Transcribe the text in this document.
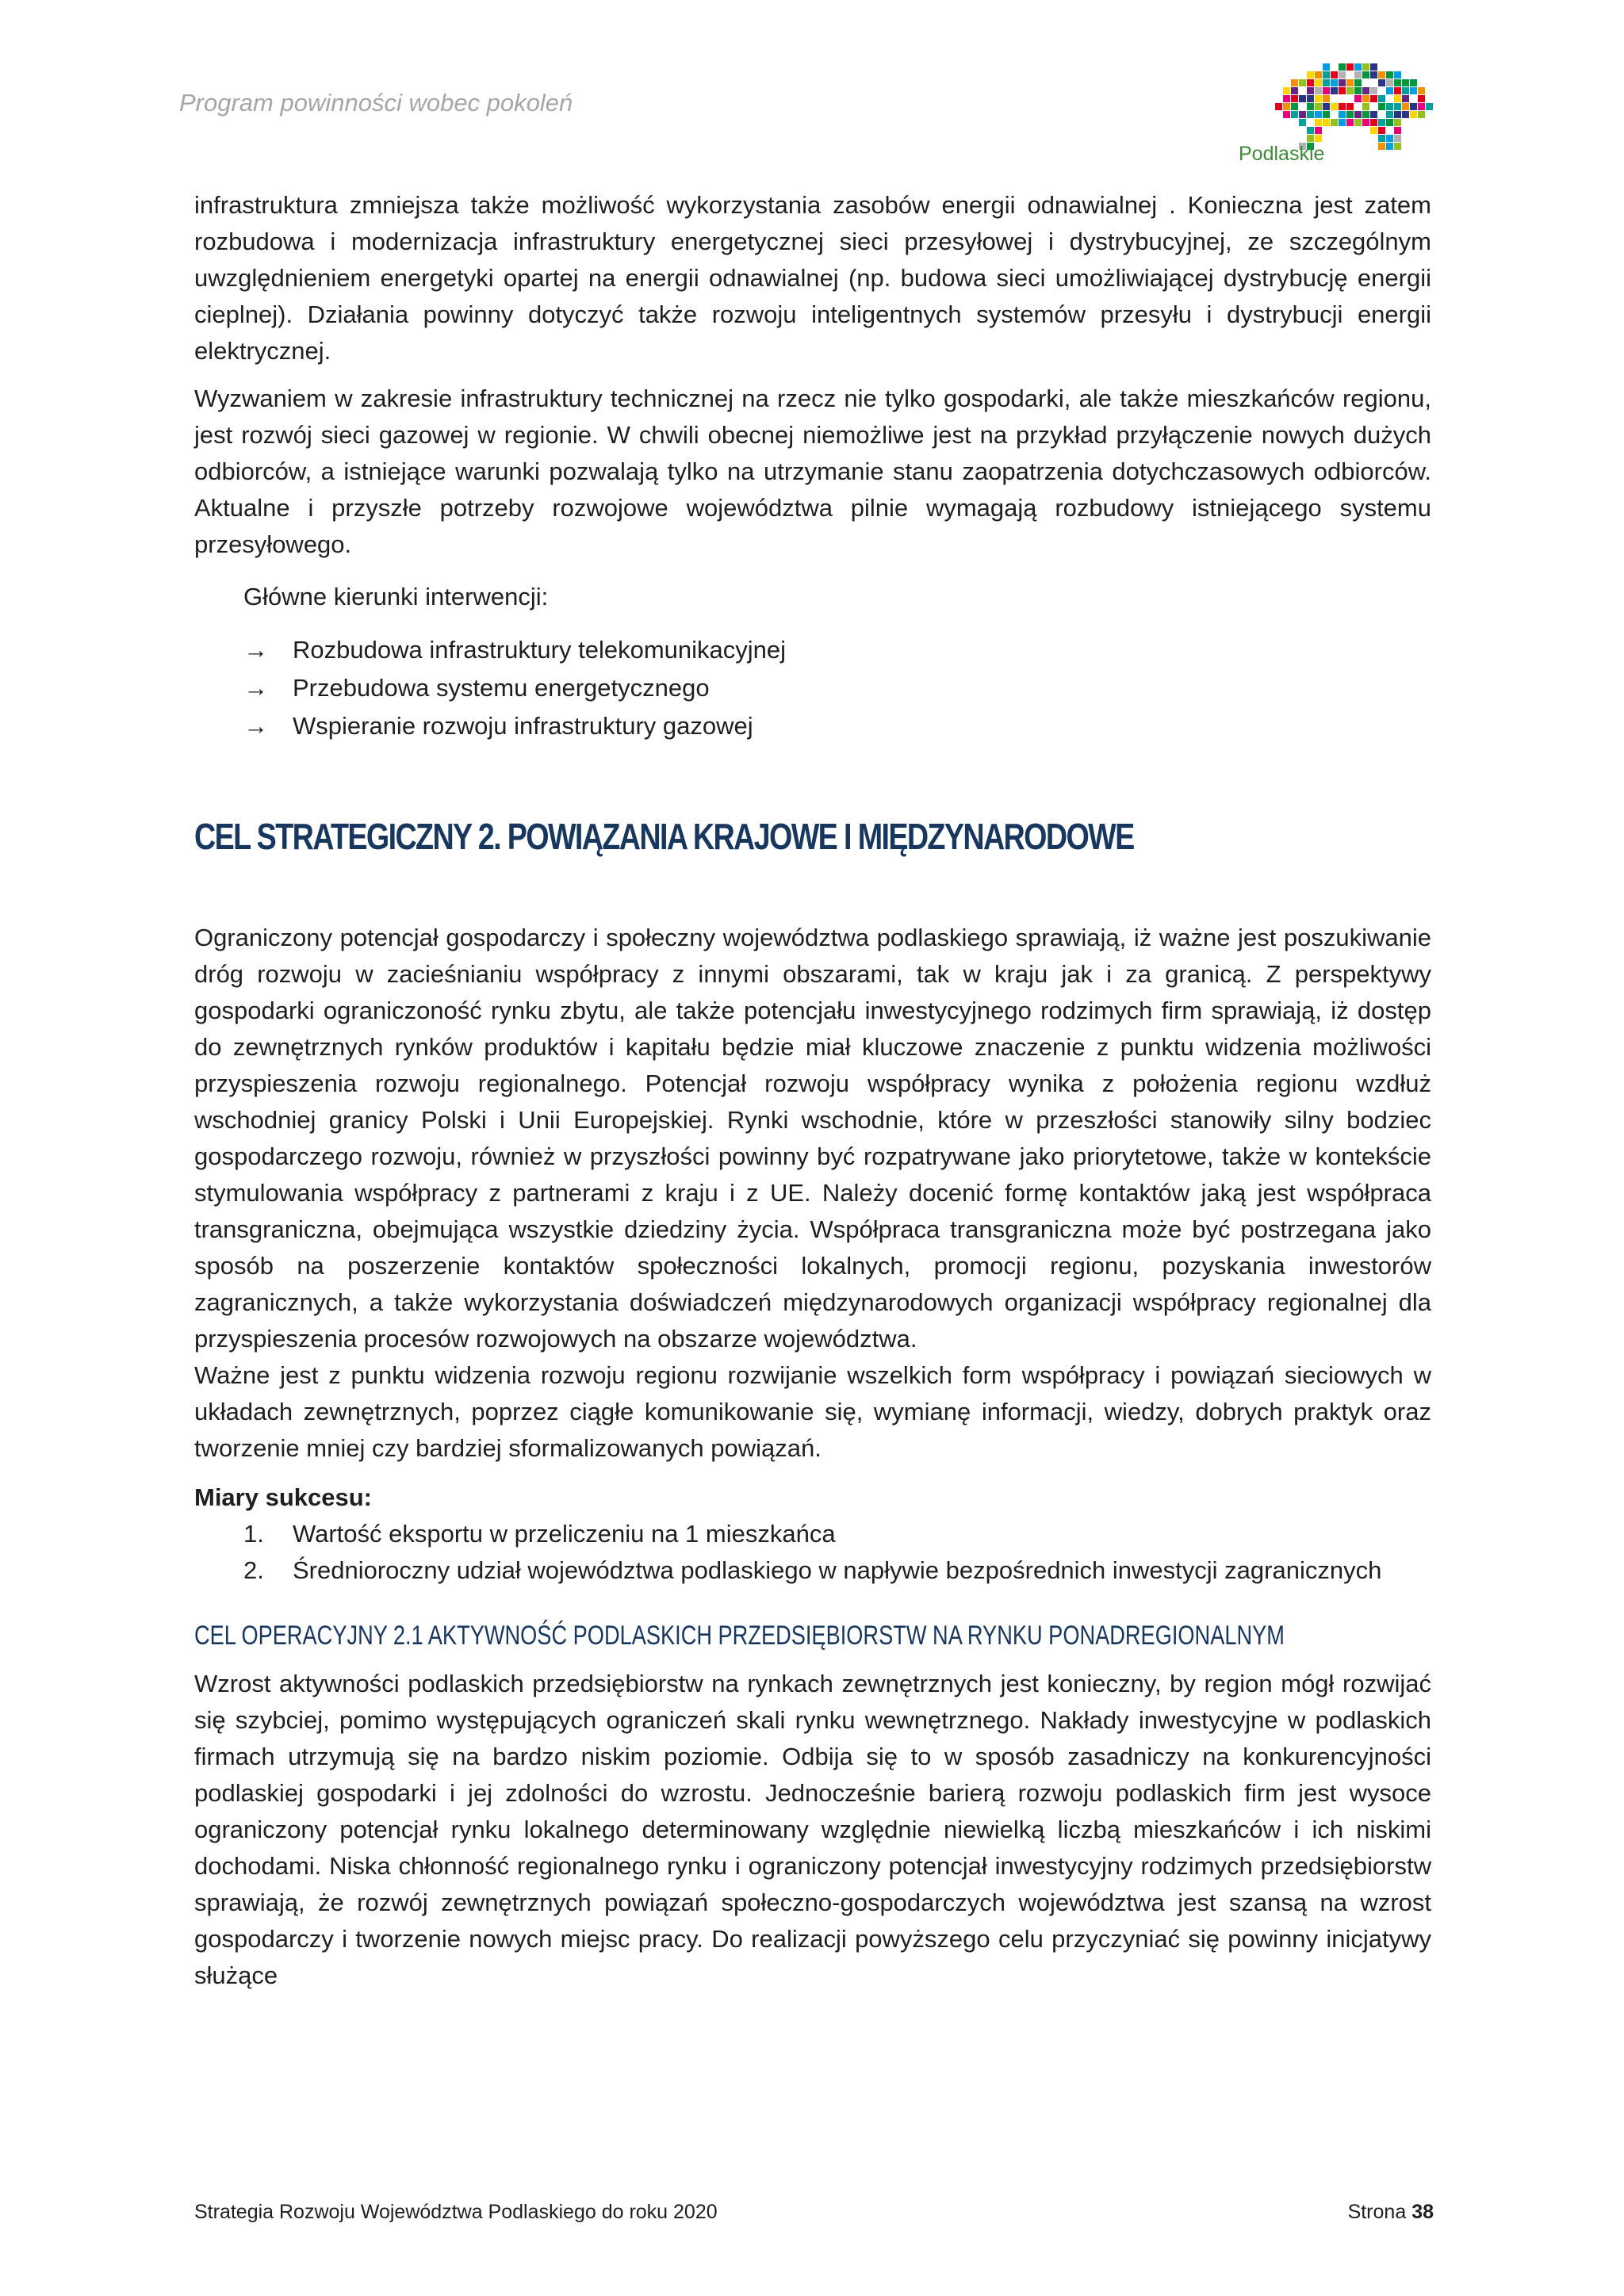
Program powinności wobec pokoleń
Podlaskie

infrastruktura zmniejsza także możliwość wykorzystania zasobów energii odnawialnej . Konieczna jest zatem rozbudowa i modernizacja infrastruktury energetycznej sieci przesyłowej i dystrybucyjnej, ze szczególnym uwzględnieniem energetyki opartej na energii odnawialnej (np. budowa sieci umożliwiającej dystrybucję energii cieplnej). Działania powinny dotyczyć także rozwoju inteligentnych systemów przesyłu i dystrybucji energii elektrycznej.

Wyzwaniem w zakresie infrastruktury technicznej na rzecz nie tylko gospodarki, ale także mieszkańców regionu, jest rozwój sieci gazowej w regionie. W chwili obecnej niemożliwe jest na przykład przyłączenie nowych dużych odbiorców, a istniejące warunki pozwalają tylko na utrzymanie stanu zaopatrzenia dotychczasowych odbiorców. Aktualne i przyszłe potrzeby rozwojowe województwa pilnie wymagają rozbudowy istniejącego systemu przesyłowego.

Główne kierunki interwencji:

→	Rozbudowa infrastruktury telekomunikacyjnej
→	Przebudowa systemu energetycznego
→	Wspieranie rozwoju infrastruktury gazowej
CEL STRATEGICZNY 2. POWIĄZANIA KRAJOWE I MIĘDZYNARODOWE

Ograniczony potencjał gospodarczy i społeczny województwa podlaskiego sprawiają, iż ważne jest poszukiwanie dróg rozwoju w zacieśnianiu współpracy z innymi obszarami, tak w kraju jak i za granicą. Z perspektywy gospodarki ograniczoność rynku zbytu, ale także potencjału inwestycyjnego rodzimych firm sprawiają, iż dostęp do zewnętrznych rynków produktów i kapitału będzie miał kluczowe znaczenie z punktu widzenia możliwości przyspieszenia rozwoju regionalnego. Potencjał rozwoju współpracy wynika z położenia regionu wzdłuż wschodniej granicy Polski i Unii Europejskiej. Rynki wschodnie, które w przeszłości stanowiły silny bodziec gospodarczego rozwoju, również w przyszłości powinny być rozpatrywane jako priorytetowe, także w kontekście stymulowania współpracy z partnerami z kraju i z UE. Należy docenić formę kontaktów jaką jest współpraca transgraniczna, obejmująca wszystkie dziedziny życia. Współpraca transgraniczna może być postrzegana jako sposób na poszerzenie kontaktów społeczności lokalnych, promocji regionu, pozyskania inwestorów zagranicznych, a także wykorzystania doświadczeń międzynarodowych organizacji współpracy regionalnej dla przyspieszenia procesów rozwojowych na obszarze województwa.

Ważne jest z punktu widzenia rozwoju regionu rozwijanie wszelkich form współpracy i powiązań sieciowych w układach zewnętrznych, poprzez ciągłe komunikowanie się, wymianę informacji, wiedzy, dobrych praktyk oraz tworzenie mniej czy bardziej sformalizowanych powiązań.

Miary sukcesu:
1.	Wartość eksportu w przeliczeniu na 1 mieszkańca
2.	Średnioroczny udział województwa podlaskiego w napływie bezpośrednich inwestycji zagranicznych
CEL OPERACYJNY 2.1 AKTYWNOŚĆ PODLASKICH PRZEDSIĘBIORSTW NA RYNKU PONADREGIONALNYM

Wzrost aktywności podlaskich przedsiębiorstw na rynkach zewnętrznych jest konieczny, by region mógł rozwijać się szybciej, pomimo występujących ograniczeń skali rynku wewnętrznego. Nakłady inwestycyjne w podlaskich firmach utrzymują się na bardzo niskim poziomie. Odbija się to w sposób zasadniczy na konkurencyjności podlaskiej gospodarki i jej zdolności do wzrostu. Jednocześnie barierą rozwoju podlaskich firm jest wysoce ograniczony potencjał rynku lokalnego determinowany względnie niewielką liczbą mieszkańców i ich niskimi dochodami. Niska chłonność regionalnego rynku i ograniczony potencjał inwestycyjny rodzimych przedsiębiorstw sprawiają, że rozwój zewnętrznych powiązań społeczno-gospodarczych województwa jest szansą na wzrost gospodarczy i tworzenie nowych miejsc pracy. Do realizacji powyższego celu przyczyniać się powinny inicjatywy służące

Strategia Rozwoju Województwa Podlaskiego do roku 2020	Strona 38
